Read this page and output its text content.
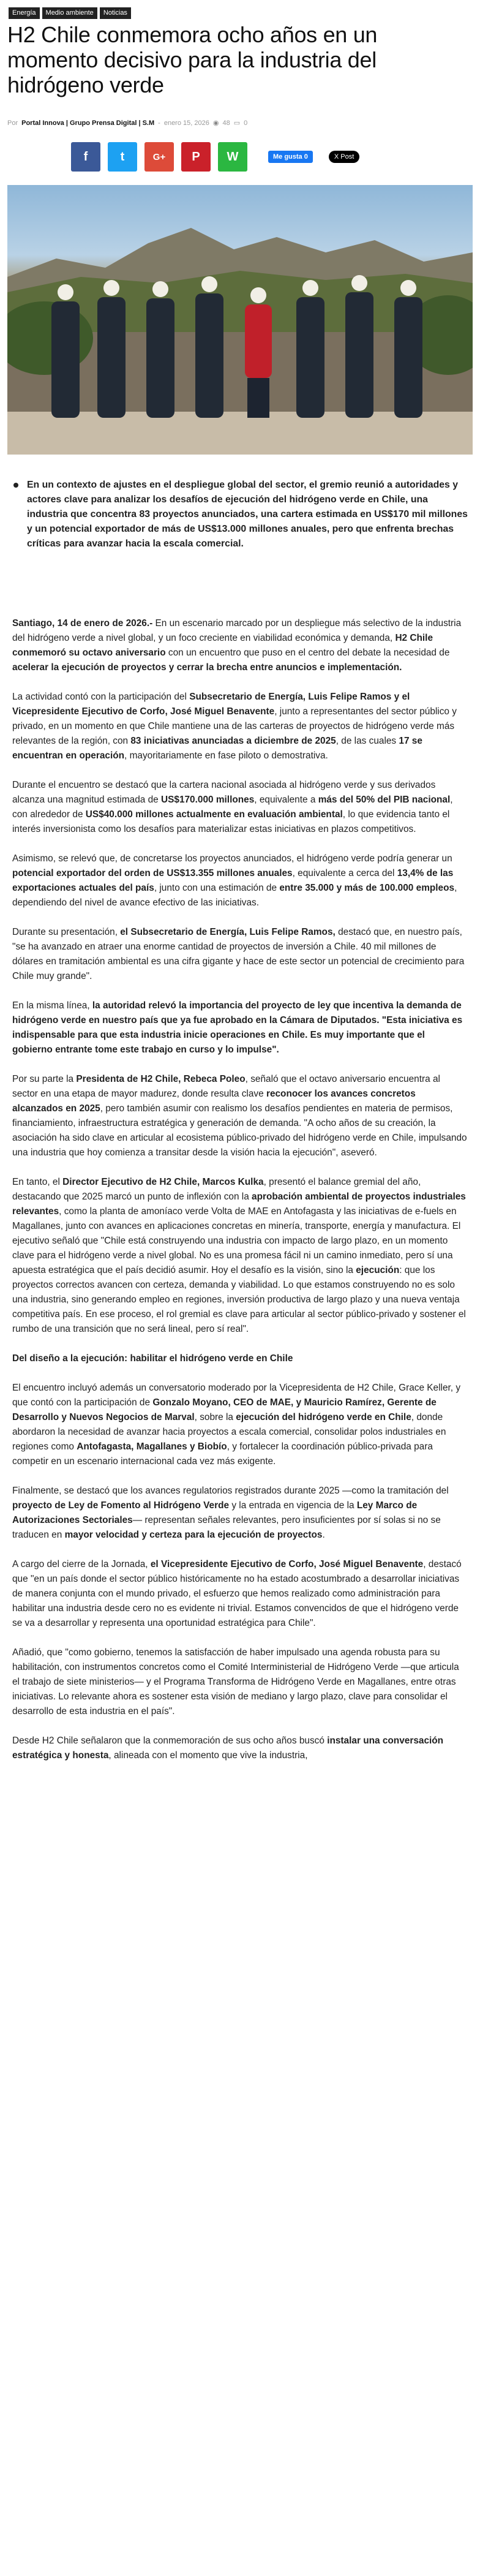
Energía	Medio ambiente	Noticias
H2 Chile conmemora ocho años en un momento decisivo para la industria del hidrógeno verde
Por Portal Innova | Grupo Prensa Digital | S.M - enero 15, 2026 ◉ 48 ▭ 0
f	t	G+ P W	Me gusta 0	X Post
En un contexto de ajustes en el despliegue global del sector, el gremio reunió a autoridades y actores clave para analizar los desafíos de ejecución del hidrógeno verde en Chile, una industria que concentra 83 proyectos anunciados, una cartera estimada en US$170 mil millones y un potencial exportador de más de US$13.000 millones anuales, pero que enfrenta brechas críticas para avanzar hacia la escala comercial.

Santiago, 14 de enero de 2026.- En un escenario marcado por un despliegue más selectivo de la industria del hidrógeno verde a nivel global, y un foco creciente en viabilidad económica y demanda, H2 Chile conmemoró su octavo aniversario con un encuentro que puso en el centro del debate la necesidad de acelerar la ejecución de proyectos y cerrar la brecha entre anuncios e implementación.

La actividad contó con la participación del Subsecretario de Energía, Luis Felipe Ramos y el Vicepresidente Ejecutivo de Corfo, José Miguel Benavente, junto a representantes del sector público y privado, en un momento en que Chile mantiene una de las carteras de proyectos de hidrógeno verde más relevantes de la región, con 83 iniciativas anunciadas a diciembre de 2025, de las cuales 17 se encuentran en operación, mayoritariamente en fase piloto o demostrativa.

Durante el encuentro se destacó que la cartera nacional asociada al hidrógeno verde y sus derivados alcanza una magnitud estimada de US$170.000 millones, equivalente a más del 50% del PIB nacional, con alrededor de US$40.000 millones actualmente en evaluación ambiental, lo que evidencia tanto el interés inversionista como los desafíos para materializar estas iniciativas en plazos competitivos.

Asimismo, se relevó que, de concretarse los proyectos anunciados, el hidrógeno verde podría generar un potencial exportador del orden de US$13.355 millones anuales, equivalente a cerca del 13,4% de las exportaciones actuales del país, junto con una estimación de entre 35.000 y más de 100.000 empleos, dependiendo del nivel de avance efectivo de las iniciativas.

Durante su presentación, el Subsecretario de Energía, Luis Felipe Ramos, destacó que, en nuestro país, "se ha avanzado en atraer una enorme cantidad de proyectos de inversión a Chile. 40 mil millones de dólares en tramitación ambiental es una cifra gigante y hace de este sector un potencial de crecimiento para Chile muy grande".

En la misma línea, la autoridad relevó la importancia del proyecto de ley que incentiva la demanda de hidrógeno verde en nuestro país que ya fue aprobado en la Cámara de Diputados. "Esta iniciativa es indispensable para que esta industria inicie operaciones en Chile. Es muy importante que el gobierno entrante tome este trabajo en curso y lo impulse".

Por su parte la Presidenta de H2 Chile, Rebeca Poleo, señaló que el octavo aniversario encuentra al sector en una etapa de mayor madurez, donde resulta clave reconocer los avances concretos alcanzados en 2025, pero también asumir con realismo los desafíos pendientes en materia de permisos, financiamiento, infraestructura estratégica y generación de demanda. "A ocho años de su creación, la asociación ha sido clave en articular al ecosistema público-privado del hidrógeno verde en Chile, impulsando una industria que hoy comienza a transitar desde la visión hacia la ejecución", aseveró.

En tanto, el Director Ejecutivo de H2 Chile, Marcos Kulka, presentó el balance gremial del año, destacando que 2025 marcó un punto de inflexión con la aprobación ambiental de proyectos industriales relevantes, como la planta de amoníaco verde Volta de MAE en Antofagasta y las iniciativas de e-fuels en Magallanes, junto con avances en aplicaciones concretas en minería, transporte, energía y manufactura. El ejecutivo señaló que "Chile está construyendo una industria con impacto de largo plazo, en un momento clave para el hidrógeno verde a nivel global. No es una promesa fácil ni un camino inmediato, pero sí una apuesta estratégica que el país decidió asumir. Hoy el desafío es la visión, sino la ejecución: que los proyectos correctos avancen con certeza, demanda y viabilidad. Lo que estamos construyendo no es solo una industria, sino generando empleo en regiones, inversión productiva de largo plazo y una nueva ventaja competitiva país. En ese proceso, el rol gremial es clave para articular al sector público-privado y sostener el rumbo de una transición que no será lineal, pero sí real".

Del diseño a la ejecución: habilitar el hidrógeno verde en Chile

El encuentro incluyó además un conversatorio moderado por la Vicepresidenta de H2 Chile, Grace Keller, y que contó con la participación de Gonzalo Moyano, CEO de MAE, y Mauricio Ramírez, Gerente de Desarrollo y Nuevos Negocios de Marval, sobre la ejecución del hidrógeno verde en Chile, donde abordaron la necesidad de avanzar hacia proyectos a escala comercial, consolidar polos industriales en regiones como Antofagasta, Magallanes y Biobío, y fortalecer la coordinación público-privada para competir en un escenario internacional cada vez más exigente.

Finalmente, se destacó que los avances regulatorios registrados durante 2025 —como la tramitación del proyecto de Ley de Fomento al Hidrógeno Verde y la entrada en vigencia de la Ley Marco de Autorizaciones Sectoriales— representan señales relevantes, pero insuficientes por sí solas si no se traducen en mayor velocidad y certeza para la ejecución de proyectos.

A cargo del cierre de la Jornada, el Vicepresidente Ejecutivo de Corfo, José Miguel Benavente, destacó que "en un país donde el sector público históricamente no ha estado acostumbrado a desarrollar iniciativas de manera conjunta con el mundo privado, el esfuerzo que hemos realizado como administración para habilitar una industria desde cero no es evidente ni trivial. Estamos convencidos de que el hidrógeno verde se va a desarrollar y representa una oportunidad estratégica para Chile".

Añadió, que "como gobierno, tenemos la satisfacción de haber impulsado una agenda robusta para su habilitación, con instrumentos concretos como el Comité Interministerial de Hidrógeno Verde —que articula el trabajo de siete ministerios— y el Programa Transforma de Hidrógeno Verde en Magallanes, entre otras iniciativas. Lo relevante ahora es sostener esta visión de mediano y largo plazo, clave para consolidar el desarrollo de esta industria en el país".

Desde H2 Chile señalaron que la conmemoración de sus ocho años buscó instalar una conversación estratégica y honesta, alineada con el momento que vive la industria,
